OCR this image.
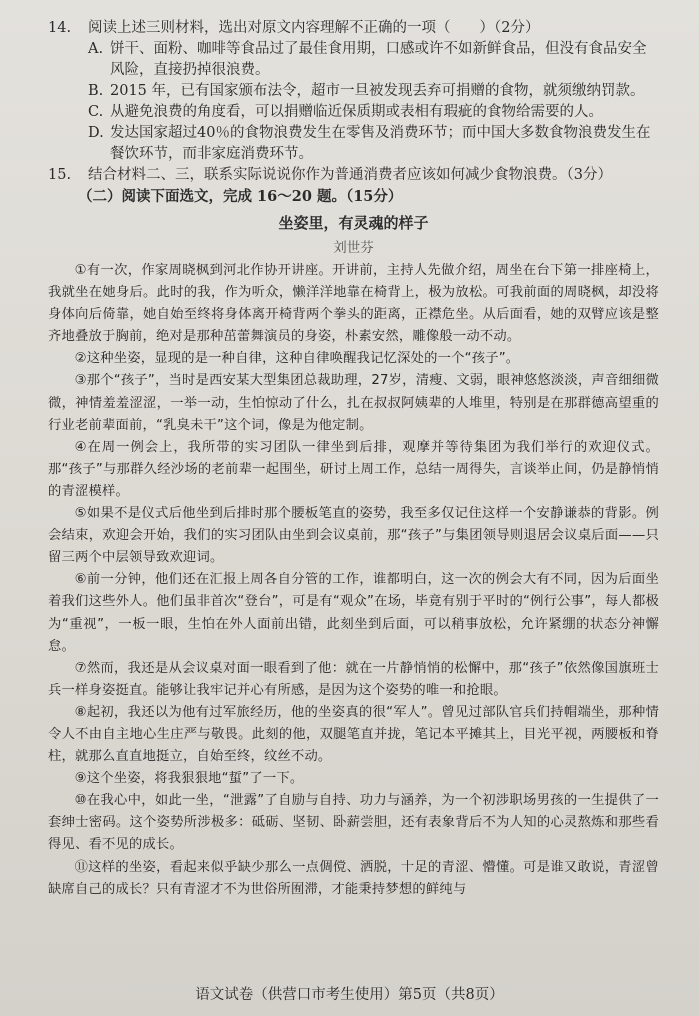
14.	阅读上述三则材料，选出对原文内容理解不正确的一项（　　）（2分）
A. 饼干、面粉、咖啡等食品过了最佳食用期，口感或许不如新鲜食品，但没有食品安全风险，直接扔掉很浪费。
B. 2015 年，已有国家颁布法令，超市一旦被发现丢弃可捐赠的食物，就须缴纳罚款。
C. 从避免浪费的角度看，可以捐赠临近保质期或表相有瑕疵的食物给需要的人。
D. 发达国家超过40％的食物浪费发生在零售及消费环节；而中国大多数食物浪费发生在餐饮环节，而非家庭消费环节。
15.	结合材料二、三，联系实际说说你作为普通消费者应该如何减少食物浪费。（3分）
（二）阅读下面选文，完成 16～20 题。（15分）
坐姿里，有灵魂的样子
刘世芬

①有一次，作家周晓枫到河北作协开讲座。开讲前，主持人先做介绍，周坐在台下第一排座椅上，我就坐在她身后。此时的我，作为听众，懒洋洋地靠在椅背上，极为放松。可我前面的周晓枫，却没将身体向后倚靠，她自始至终将身体离开椅背两个拳头的距离，正襟危坐。从后面看，她的双臂应该是整齐地叠放于胸前，绝对是那种茁蕾舞演员的身姿，朴素安然，雕像般一动不动。

②这种坐姿，显现的是一种自律，这种自律唤醒我记忆深处的一个“孩子”。

③那个“孩子”，当时是西安某大型集团总裁助理，27岁，清瘦、文弱，眼神悠悠淡淡，声音细细微微，神情羞羞涩涩，一举一动，生怕惊动了什么，扎在叔叔阿姨辈的人堆里，特别是在那群德高望重的行业老前辈面前，“乳臭未干”这个词，像是为他定制。

④在周一例会上，我所带的实习团队一律坐到后排，观摩并等待集团为我们举行的欢迎仪式。那“孩子”与那群久经沙场的老前辈一起围坐，研讨上周工作，总结一周得失，言谈举止间，仍是静悄悄的青涩模样。

⑤如果不是仪式后他坐到后排时那个腰板笔直的姿势，我至多仅记住这样一个安静谦恭的背影。例会结束，欢迎会开始，我们的实习团队由坐到会议桌前，那“孩子”与集团领导则退居会议桌后面——只留三两个中层领导致欢迎词。

⑥前一分钟，他们还在汇报上周各自分管的工作，谁都明白，这一次的例会大有不同，因为后面坐着我们这些外人。他们虽非首次“登台”，可是有“观众”在场，毕竟有别于平时的“例行公事”，每人都极为“重视”，一板一眼，生怕在外人面前出错，此刻坐到后面，可以稍事放松，允许紧绷的状态分神懈怠。

⑦然而，我还是从会议桌对面一眼看到了他：就在一片静悄悄的松懈中，那“孩子”依然像国旗班士兵一样身姿挺直。能够让我牢记并心有所感，是因为这个姿势的唯一和抢眼。

⑧起初，我还以为他有过军旅经历，他的坐姿真的很“军人”。曾见过部队官兵们持帽端坐，那种情令人不由自主地心生庄严与敬畏。此刻的他，双腿笔直并拢，笔记本平摊其上，目光平视，两腰板和脊柱，就那么直直地挺立，自始至终，纹丝不动。

⑨这个坐姿，将我狠狠地“蜇”了一下。

⑩在我心中，如此一坐，“泄露”了自励与自持、功力与涵养，为一个初涉职场男孩的一生提供了一套绅士密码。这个姿势所涉极多：砥砺、坚韧、卧薪尝胆，还有表象背后不为人知的心灵熬炼和那些看得见、看不见的成长。

⑪这样的坐姿，看起来似乎缺少那么一点倜傥、洒脱，十足的青涩、懵懂。可是谁又敢说，青涩曾缺席自己的成长？只有青涩才不为世俗所囿滞，才能秉持梦想的鲜纯与

语文试卷（供营口市考生使用）第5页（共8页）
